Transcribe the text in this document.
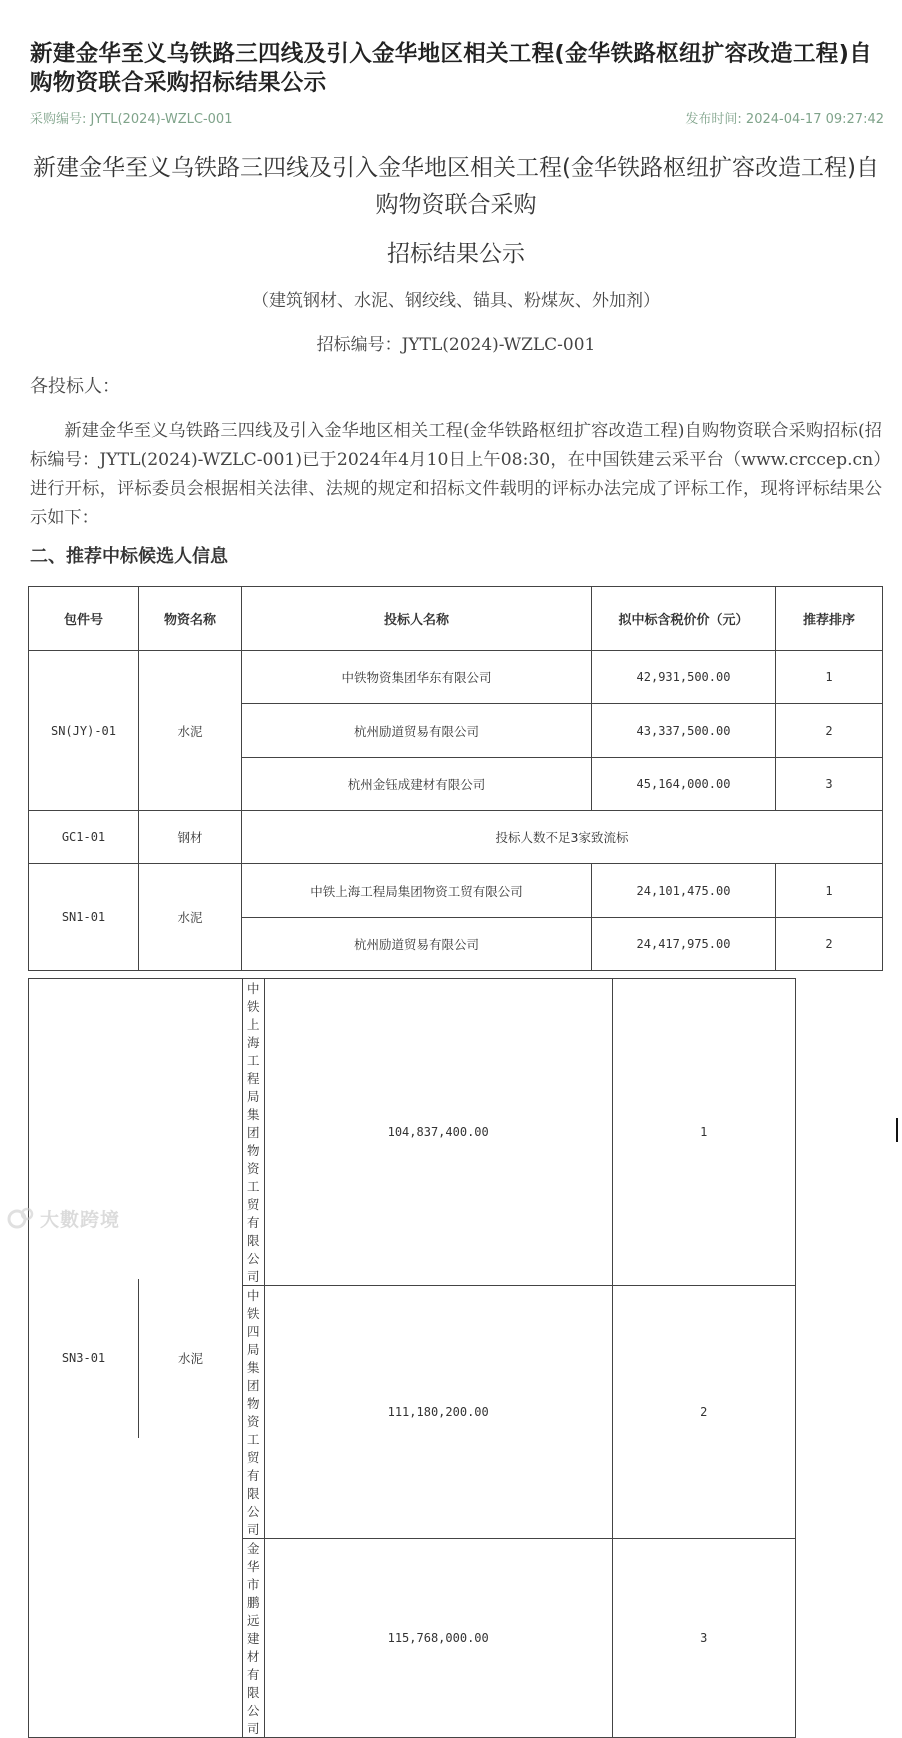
新建金华至义乌铁路三四线及引入金华地区相关工程(金华铁路枢纽扩容改造工程)自购物资联合采购招标结果公示
采购编号: JYTL(2024)-WZLC-001	发布时间: 2024-04-17 09:27:42
新建金华至义乌铁路三四线及引入金华地区相关工程(金华铁路枢纽扩容改造工程)自购物资联合采购
招标结果公示
（建筑钢材、水泥、钢绞线、锚具、粉煤灰、外加剂）
招标编号：JYTL(2024)-WZLC-001
各投标人：
新建金华至义乌铁路三四线及引入金华地区相关工程(金华铁路枢纽扩容改造工程)自购物资联合采购招标(招标编号：JYTL(2024)-WZLC-001)已于2024年4月10日上午08:30，在中国铁建云采平台（www.crccep.cn）进行开标，评标委员会根据相关法律、法规的规定和招标文件载明的评标办法完成了评标工作，现将评标结果公示如下：
二、推荐中标候选人信息
包件号	物资名称	投标人名称	拟中标含税价价（元）	推荐排序
SN(JY)-01	水泥	中铁物资集团华东有限公司	42,931,500.00	1
		杭州励道贸易有限公司	43,337,500.00	2
		杭州金钰成建材有限公司	45,164,000.00	3
GC1-01	钢材	投标人数不足3家致流标		
SN1-01	水泥	中铁上海工程局集团物资工贸有限公司	24,101,475.00	1
		杭州励道贸易有限公司	24,417,975.00	2
SN3-01 水泥	中铁上海工程局集团物资工贸有限公司	104,837,400.00	1
	中铁四局集团物资工贸有限公司	111,180,200.00	2
	金华市鹏远建材有限公司	115,768,000.00	3
大數跨境
